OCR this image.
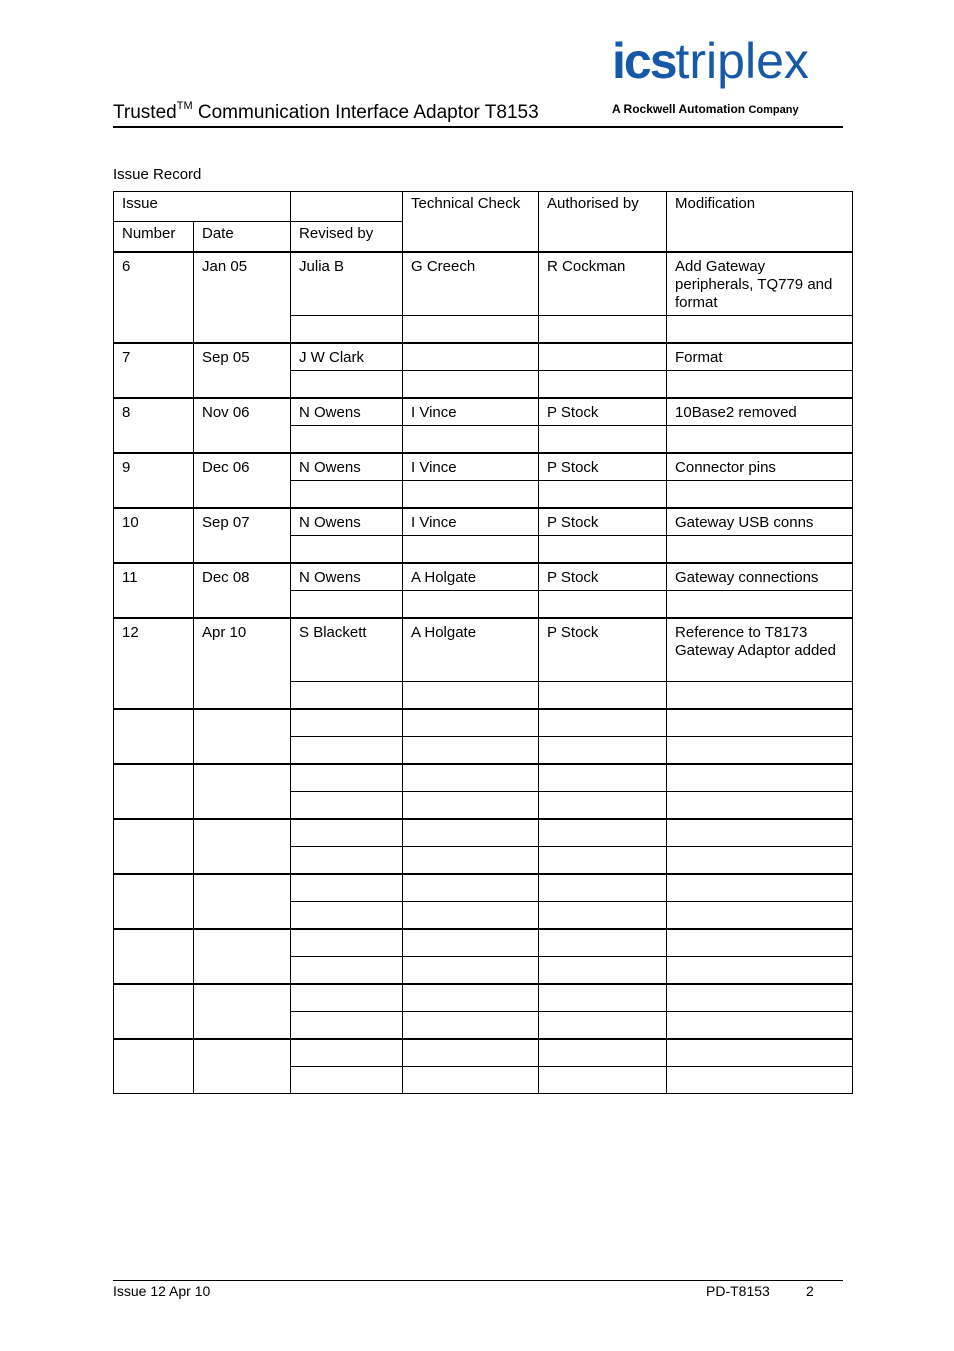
Trusted™ Communication Interface Adaptor T8153
icstriplex
A Rockwell Automation Company
Issue Record
Issue			Technical Check	Authorised by	Modification
Number	Date	Revised by			
6	Jan 05	Julia B	G Creech	R Cockman	Add Gateway peripherals, TQ779 and format

7	Sep 05	J W Clark			Format

8	Nov 06	N Owens	I Vince	P Stock	10Base2 removed

9	Dec 06	N Owens	I Vince	P Stock	Connector pins

10	Sep 07	N Owens	I Vince	P Stock	Gateway USB conns

11	Dec 08	N Owens	A Holgate	P Stock	Gateway connections

12	Apr 10	S Blackett	A Holgate	P Stock	Reference to T8173 Gateway Adaptor added

Issue 12 Apr 10	PD-T8153	2
